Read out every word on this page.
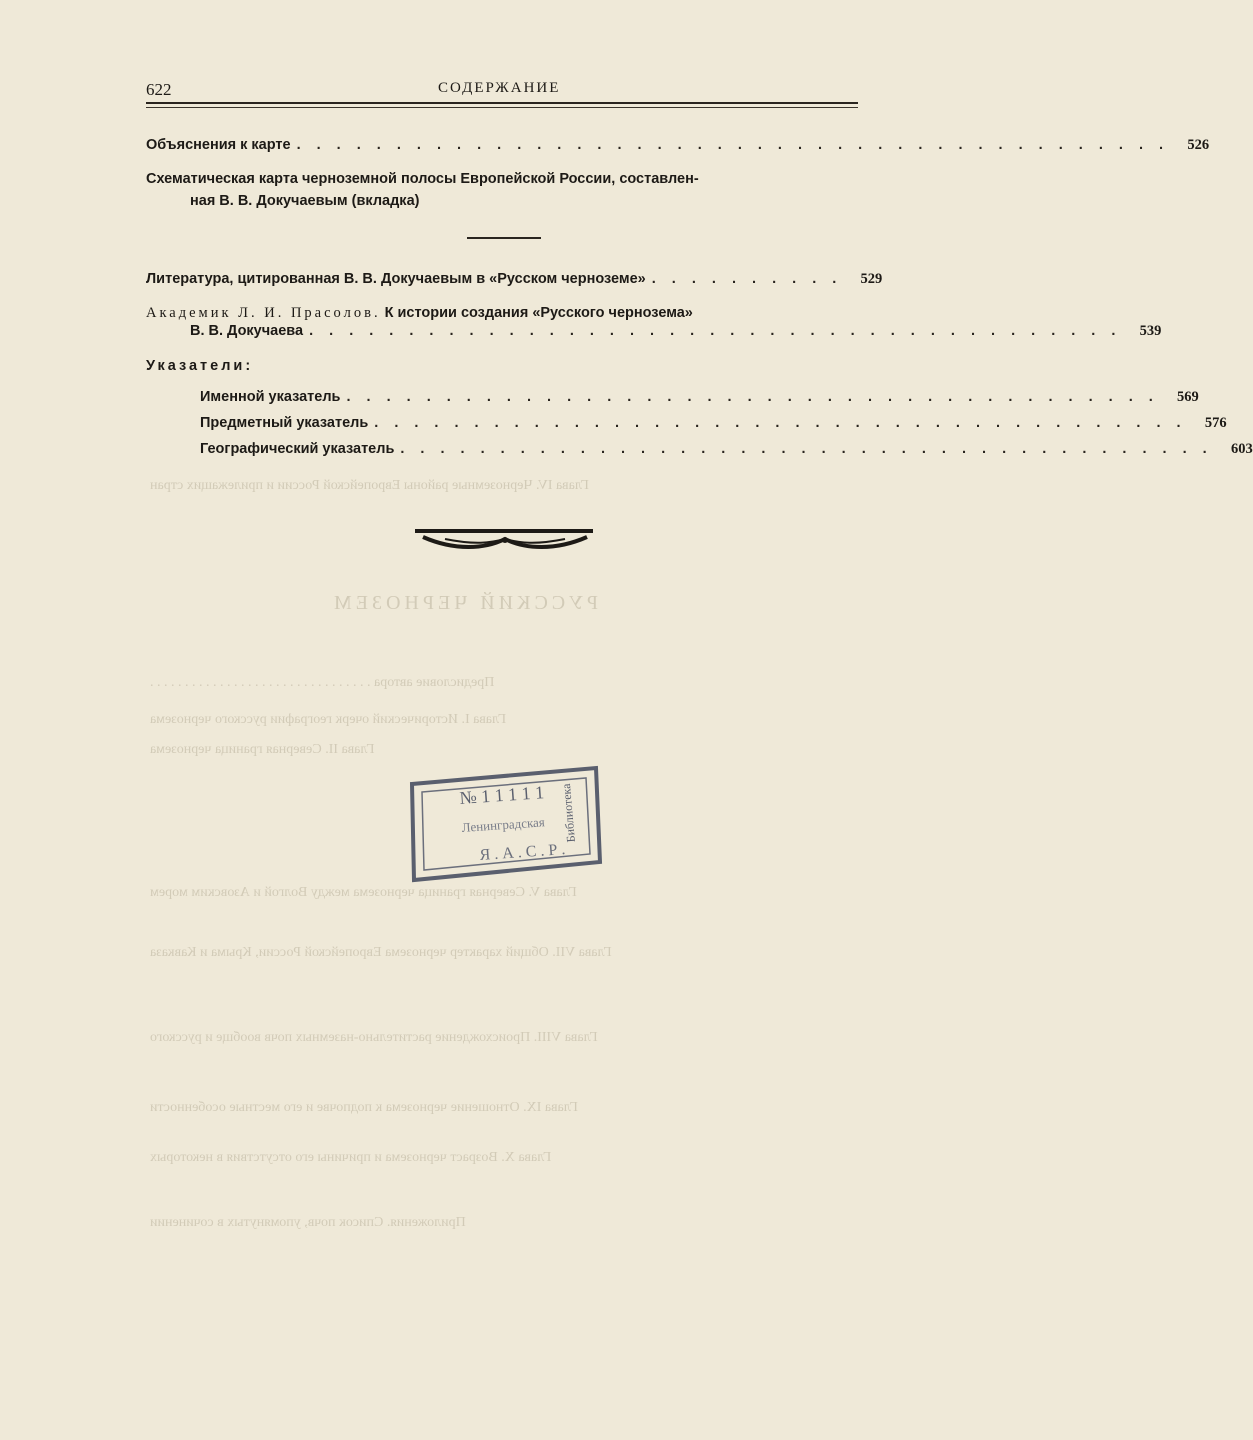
622	СОДЕРЖАНИЕ
Объяснения к карте . . . . . . . . . . . . . . . . . . . . . . . . . . . . . . . . . . . . . . . . . . . .	526
Схематическая карта черноземной полосы Европейской России, составлен-
ная В. В. Докучаевым (вкладка)
Литература, цитированная В. В. Докучаевым в «Русском черноземе» . . . . . . . . . .	529
Академик Л. И. Прасолов. К истории создания «Русского чернозема»
В. В. Докучаева . . . . . . . . . . . . . . . . . . . . . . . . . . . . . . . . . . . . . . . . .	539
Указатели:
Именной указатель . . . . . . . . . . . . . . . . . . . . . . . . . . . . . . . . . . . . . . . . .	569
Предметный указатель . . . . . . . . . . . . . . . . . . . . . . . . . . . . . . . . . . . . . . . . .	576
Географический указатель . . . . . . . . . . . . . . . . . . . . . . . . . . . . . . . . . . . . . . . . .	603
РУССКИЙ ЧЕРНОЗЕМ
Глава IV. Черноземные районы Европейской России и прилежащих стран
Предисловие автора . . . . . . . . . . . . . . . . . . . . . . . . . . . . . . . .
Глава I. Исторический очерк географии русского чернозема
Глава II. Северная граница чернозема
Глава V. Северная граница чернозема между Волгой и Азовским морем
Глава VII. Общий характер чернозема Европейской России, Крыма и Кавказа
Глава VIII. Происхождение растительно-наземных почв вообще и русского
Глава IX. Отношение чернозема к подпочве и его местные особенности
Глава X. Возраст чернозема и причины его отсутствия в некоторых
Приложения. Список почв, упомянутых в сочинении
№ 1 1 1 1 1
Ленинградская
Я . А . С . Р .
Библиотека
